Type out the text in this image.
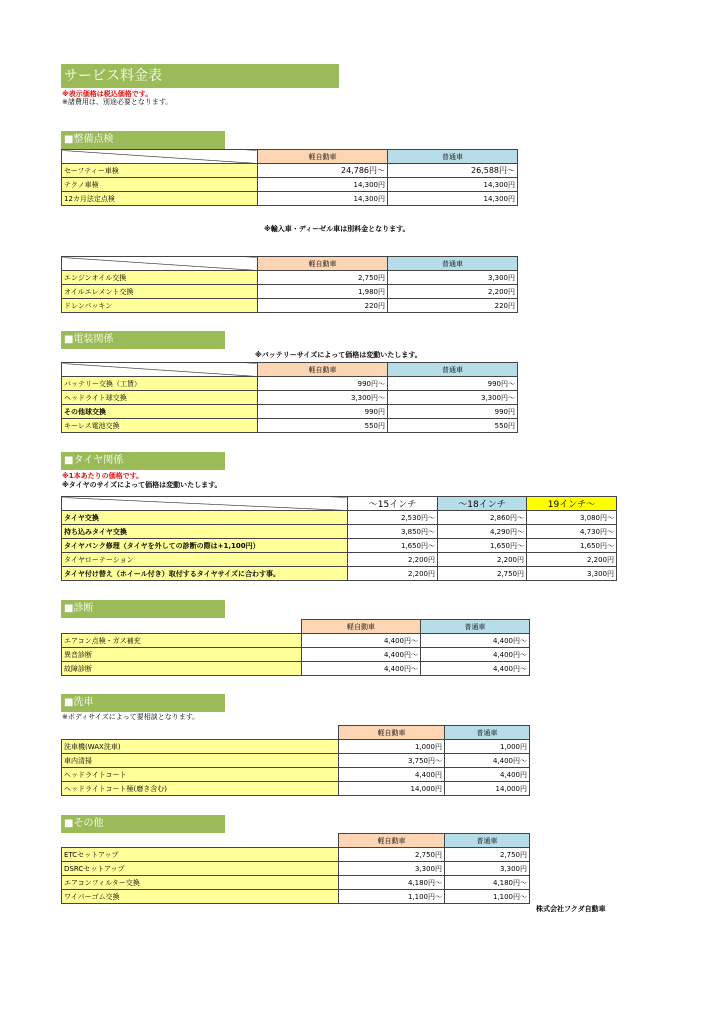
サービス料金表
※表示価格は税込価格です。
※諸費用は、別途必要となります。
■整備点検
	軽自動車	普通車
セーフティー車検	24,786円～	26,588円～
テクノ車検	14,300円	14,300円
12カ月法定点検	14,300円	14,300円
※輸入車・ディーゼル車は別料金となります。
	軽自動車	普通車
エンジンオイル交換	2,750円	3,300円
オイルエレメント交換	1,980円	2,200円
ドレンパッキン	220円	220円
■電装関係
※バッテリーサイズによって価格は変動いたします。
	軽自動車	普通車
バッテリー交換（工賃）	990円～	990円～
ヘッドライト球交換	3,300円～	3,300円～
その他球交換	990円	990円
キーレス電池交換	550円	550円
■タイヤ関係
※1本あたりの価格です。
※タイヤのサイズによって価格は変動いたします。
	～15インチ	～18インチ	19インチ～
タイヤ交換	2,530円～	2,860円～	3,080円～
持ち込みタイヤ交換	3,850円～	4,290円～	4,730円～
タイヤパンク修理（タイヤを外しての診断の際は+1,100円）	1,650円～	1,650円～	1,650円～
タイヤローテーション	2,200円	2,200円	2,200円
タイヤ付け替え（ホイール付き）取付するタイヤサイズに合わす事。	2,200円	2,750円	3,300円
■診断
	軽自動車	普通車
エアコン点検・ガス補充	4,400円～	4,400円～
異音診断	4,400円～	4,400円～
故障診断	4,400円～	4,400円～
■洗車
※ボディサイズによって要相談となります。
	軽自動車	普通車
洗車機(WAX洗車)	1,000円	1,000円
車内清掃	3,750円～	4,400円～
ヘッドライトコート	4,400円	4,400円
ヘッドライトコート極(磨き含む)	14,000円	14,000円
■その他
	軽自動車	普通車
ETCセットアップ	2,750円	2,750円
DSRCセットアップ	3,300円	3,300円
エアコンフィルター交換	4,180円～	4,180円～
ワイパーゴム交換	1,100円～	1,100円～
株式会社フクダ自動車
